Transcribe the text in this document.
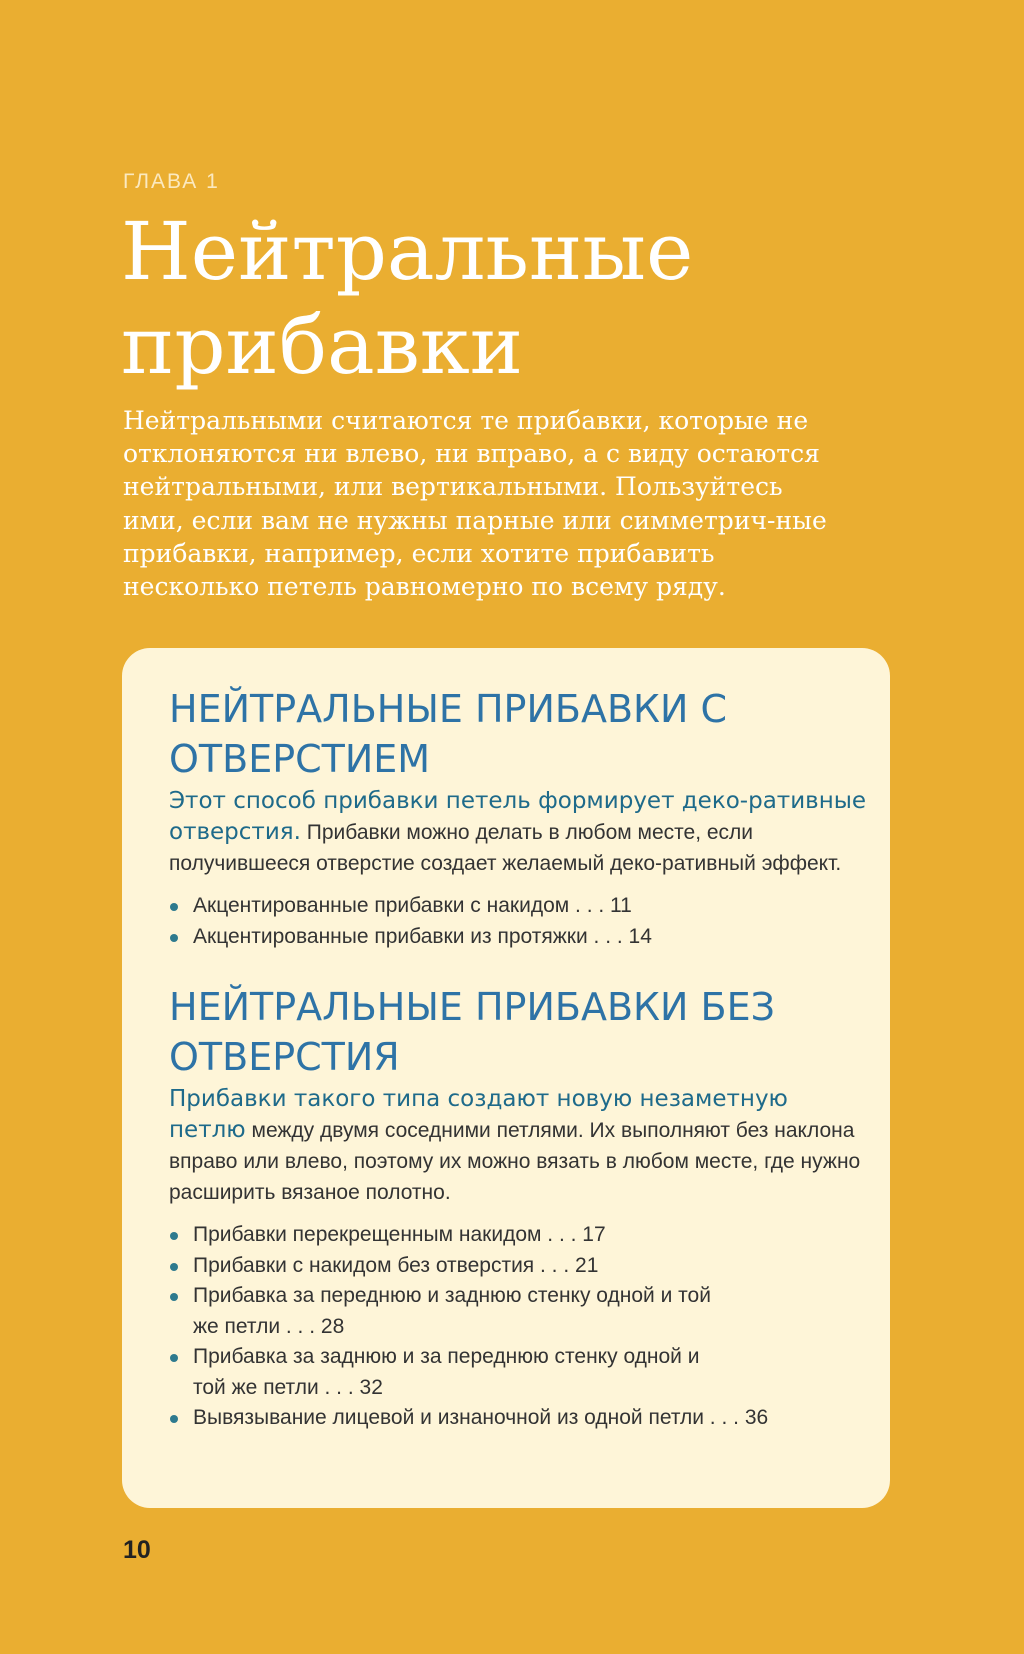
ГЛАВА 1
Нейтральные прибавки

Нейтральными считаются те прибавки, которые не отклоняются ни влево, ни вправо, а с виду остаются нейтральными, или вертикальными. Пользуйтесь ими, если вам не нужны парные или симметрич-ные прибавки, например, если хотите прибавить несколько петель равномерно по всему ряду.

НЕЙТРАЛЬНЫЕ ПРИБАВКИ С ОТВЕРСТИЕМ

Этот способ прибавки петель формирует деко-ративные отверстия. Прибавки можно делать в любом месте, если получившееся отверстие создает желаемый деко-ративный эффект.

Акцентированные прибавки с накидом . . . 11
Акцентированные прибавки из протяжки . . . 14
НЕЙТРАЛЬНЫЕ ПРИБАВКИ БЕЗ ОТВЕРСТИЯ

Прибавки такого типа создают новую незаметную петлю между двумя соседними петлями. Их выполняют без наклона вправо или влево, поэтому их можно вязать в любом месте, где нужно расширить вязаное полотно.

Прибавки перекрещенным накидом . . . 17
Прибавки с накидом без отверстия . . . 21
Прибавка за переднюю и заднюю стенку одной и той же петли . . . 28
Прибавка за заднюю и за переднюю стенку одной и той же петли . . . 32
Вывязывание лицевой и изнаночной из одной петли . . . 36
10
